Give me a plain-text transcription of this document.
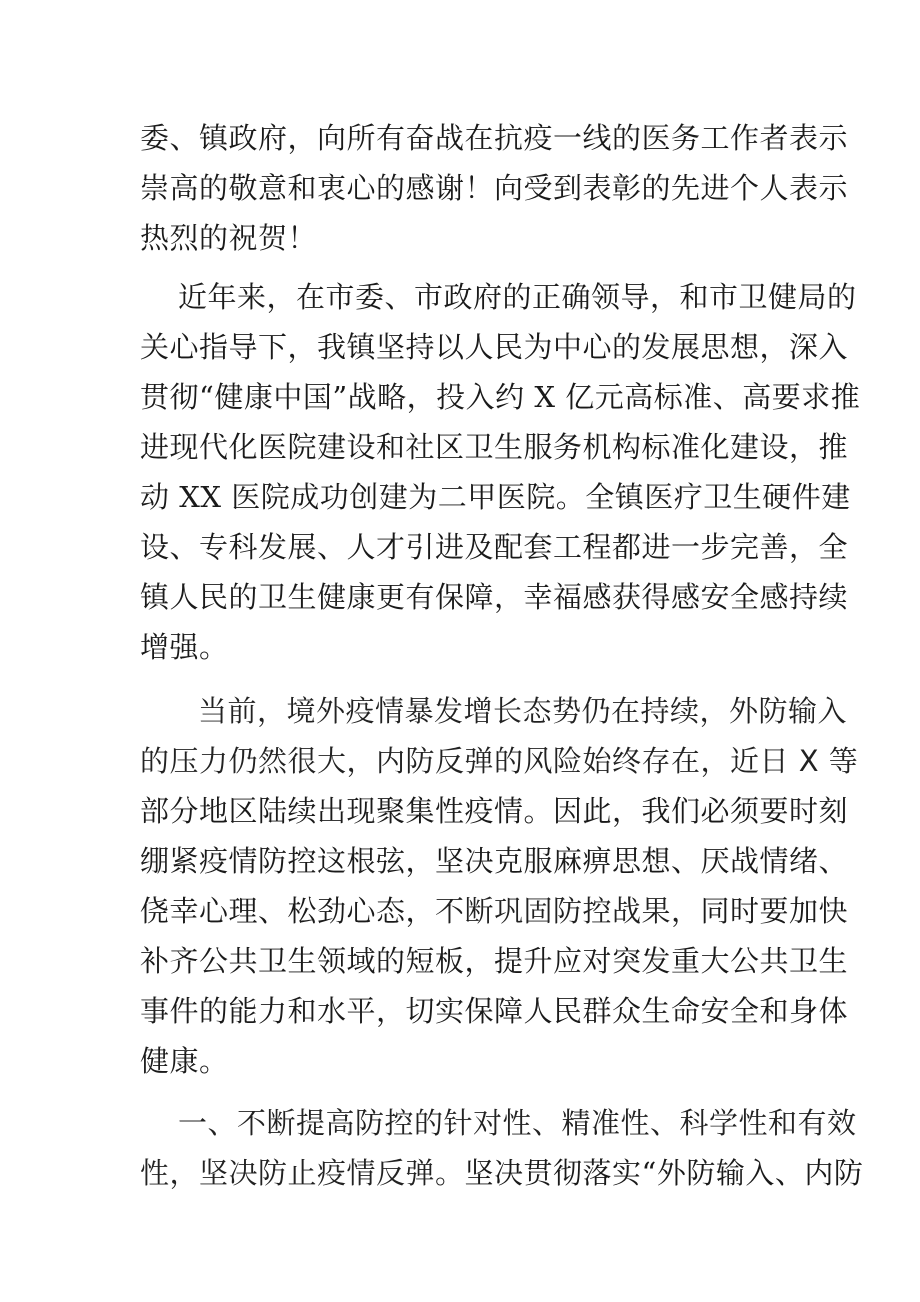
委、镇政府，向所有奋战在抗疫一线的医务工作者表示
崇高的敬意和衷心的感谢！向受到表彰的先进个人表示
热烈的祝贺！
近年来，在市委、市政府的正确领导，和市卫健局的
关心指导下，我镇坚持以人民为中心的发展思想，深入
贯彻“健康中国”战略，投入约 X 亿元高标准、高要求推
进现代化医院建设和社区卫生服务机构标准化建设，推
动 XX 医院成功创建为二甲医院。全镇医疗卫生硬件建
设、专科发展、人才引进及配套工程都进一步完善，全
镇人民的卫生健康更有保障，幸福感获得感安全感持续
增强。
当前，境外疫情暴发增长态势仍在持续，外防输入
的压力仍然很大，内防反弹的风险始终存在，近日 X 等
部分地区陆续出现聚集性疫情。因此，我们必须要时刻
绷紧疫情防控这根弦，坚决克服麻痹思想、厌战情绪、
侥幸心理、松劲心态，不断巩固防控战果，同时要加快
补齐公共卫生领域的短板，提升应对突发重大公共卫生
事件的能力和水平，切实保障人民群众生命安全和身体
健康。
一、不断提高防控的针对性、精准性、科学性和有效
性，坚决防止疫情反弹。坚决贯彻落实“外防输入、内防
